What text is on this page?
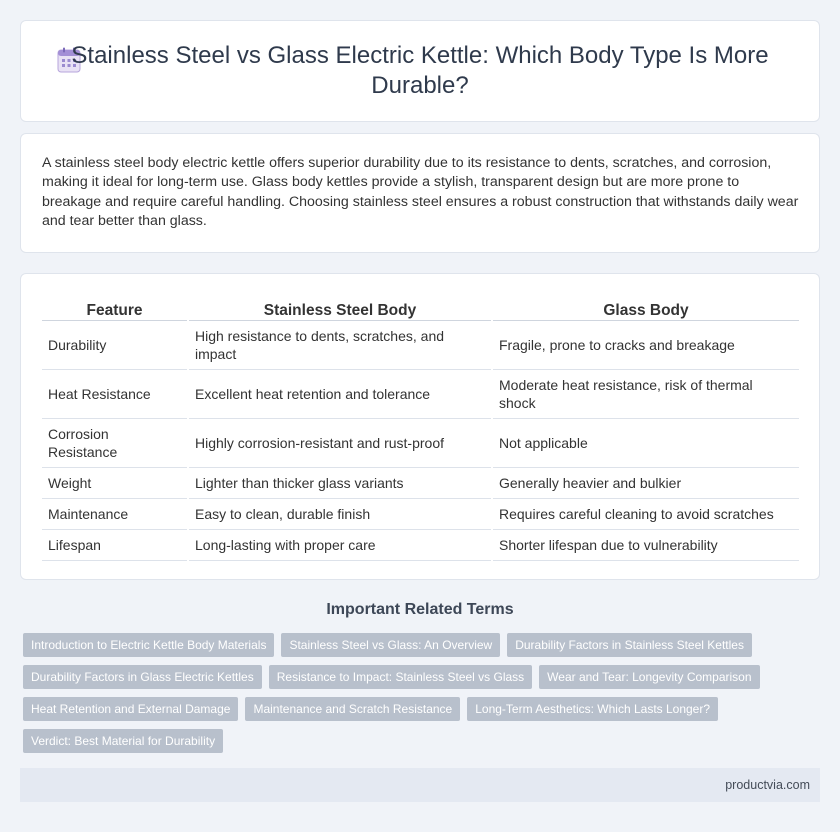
Stainless Steel vs Glass Electric Kettle: Which Body Type Is More Durable?

A stainless steel body electric kettle offers superior durability due to its resistance to dents, scratches, and corrosion, making it ideal for long-term use. Glass body kettles provide a stylish, transparent design but are more prone to breakage and require careful handling. Choosing stainless steel ensures a robust construction that withstands daily wear and tear better than glass.

Feature	Stainless Steel Body	Glass Body
Durability	High resistance to dents, scratches, and impact	Fragile, prone to cracks and breakage
Heat Resistance	Excellent heat retention and tolerance	Moderate heat resistance, risk of thermal shock
Corrosion Resistance	Highly corrosion-resistant and rust-proof	Not applicable
Weight	Lighter than thicker glass variants	Generally heavier and bulkier
Maintenance	Easy to clean, durable finish	Requires careful cleaning to avoid scratches
Lifespan	Long-lasting with proper care	Shorter lifespan due to vulnerability
Important Related Terms
Introduction to Electric Kettle Body Materials	Stainless Steel vs Glass: An Overview	Durability Factors in Stainless Steel Kettles
Durability Factors in Glass Electric Kettles	Resistance to Impact: Stainless Steel vs Glass	Wear and Tear: Longevity Comparison
Heat Retention and External Damage	Maintenance and Scratch Resistance	Long-Term Aesthetics: Which Lasts Longer?
Verdict: Best Material for Durability
productvia.com
